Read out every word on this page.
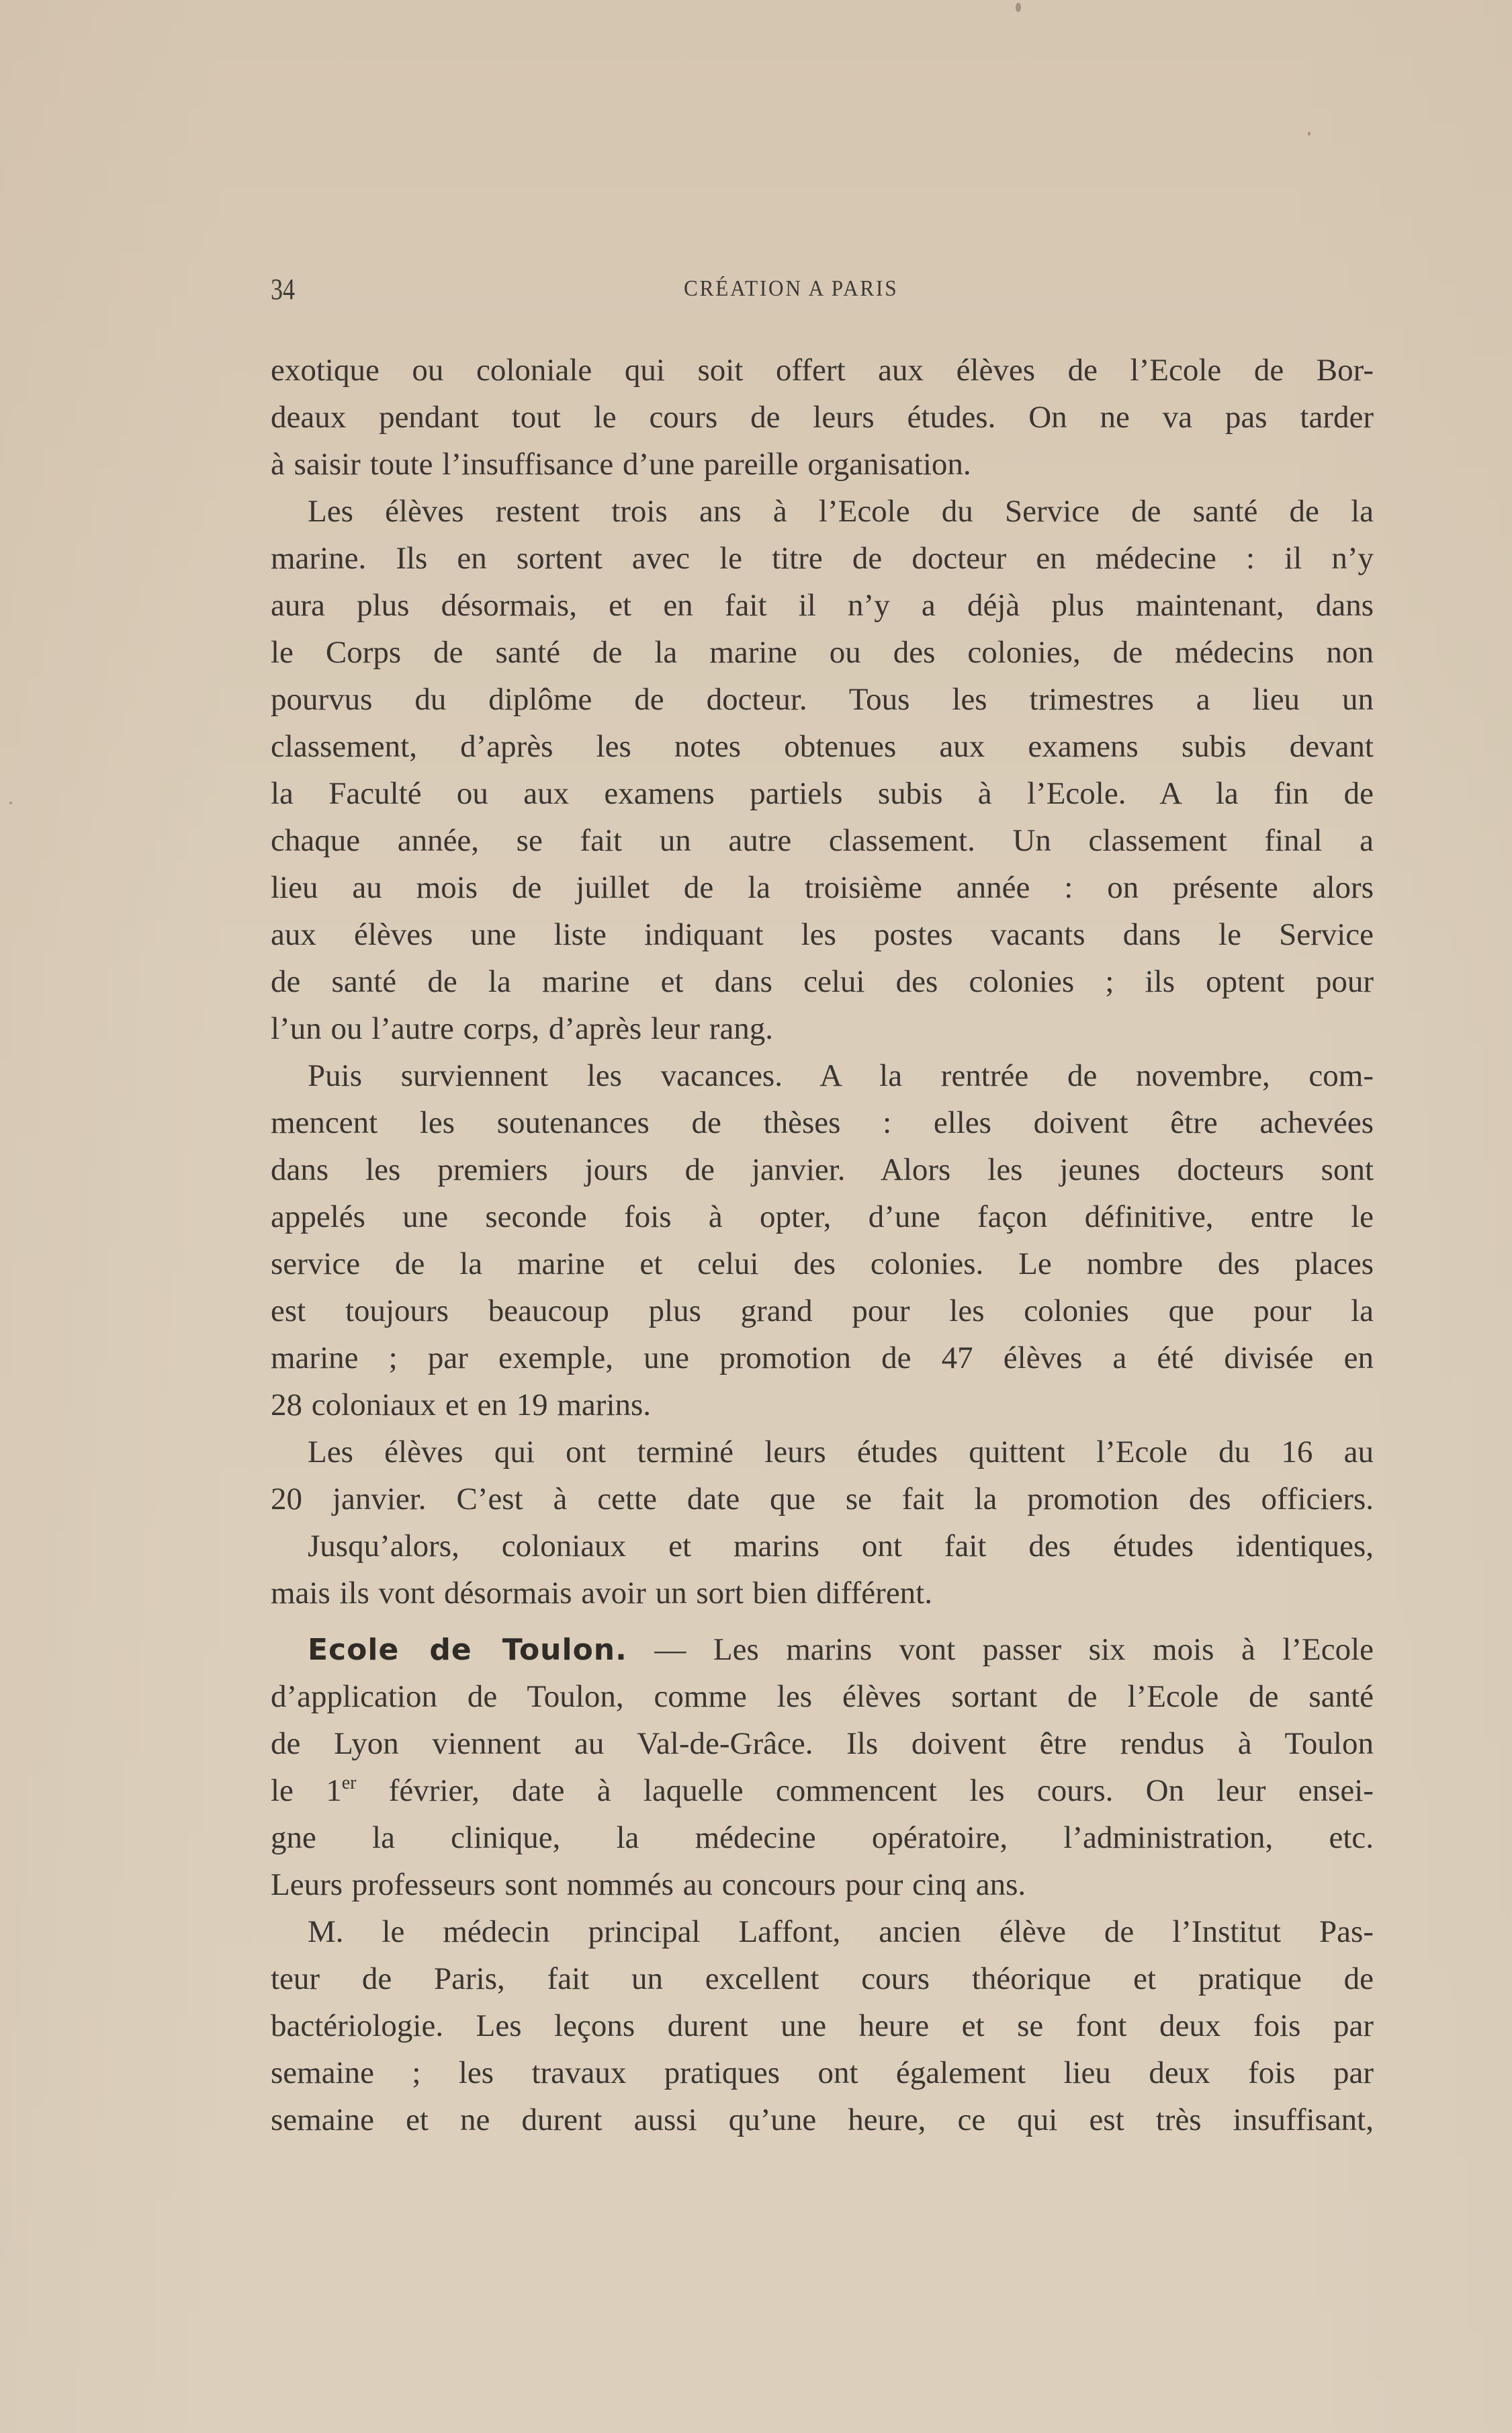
34	CRÉATION A PARIS
exotique ou coloniale qui soit offert aux élèves de l’Ecole de Bor-
deaux pendant tout le cours de leurs études. On ne va pas tarder
à saisir toute l’insuffisance d’une pareille organisation.
Les élèves restent trois ans à l’Ecole du Service de santé de la
marine. Ils en sortent avec le titre de docteur en médecine : il n’y
aura plus désormais, et en fait il n’y a déjà plus maintenant, dans
le Corps de santé de la marine ou des colonies, de médecins non
pourvus du diplôme de docteur. Tous les trimestres a lieu un
classement, d’après les notes obtenues aux examens subis devant
la Faculté ou aux examens partiels subis à l’Ecole. A la fin de
chaque année, se fait un autre classement. Un classement final a
lieu au mois de juillet de la troisième année : on présente alors
aux élèves une liste indiquant les postes vacants dans le Service
de santé de la marine et dans celui des colonies ; ils optent pour
l’un ou l’autre corps, d’après leur rang.
Puis surviennent les vacances. A la rentrée de novembre, com-
mencent les soutenances de thèses : elles doivent être achevées
dans les premiers jours de janvier. Alors les jeunes docteurs sont
appelés une seconde fois à opter, d’une façon définitive, entre le
service de la marine et celui des colonies. Le nombre des places
est toujours beaucoup plus grand pour les colonies que pour la
marine ; par exemple, une promotion de 47 élèves a été divisée en
28 coloniaux et en 19 marins.
Les élèves qui ont terminé leurs études quittent l’Ecole du 16 au
20 janvier. C’est à cette date que se fait la promotion des officiers.
Jusqu’alors, coloniaux et marins ont fait des études identiques,
mais ils vont désormais avoir un sort bien différent.
Ecole de Toulon. — Les marins vont passer six mois à l’Ecole
d’application de Toulon, comme les élèves sortant de l’Ecole de santé
de Lyon viennent au Val-de-Grâce. Ils doivent être rendus à Toulon
le 1er février, date à laquelle commencent les cours. On leur ensei-
gne la clinique, la médecine opératoire, l’administration, etc.
Leurs professeurs sont nommés au concours pour cinq ans.
M. le médecin principal Laffont, ancien élève de l’Institut Pas-
teur de Paris, fait un excellent cours théorique et pratique de
bactériologie. Les leçons durent une heure et se font deux fois par
semaine ; les travaux pratiques ont également lieu deux fois par
semaine et ne durent aussi qu’une heure, ce qui est très insuffisant,
